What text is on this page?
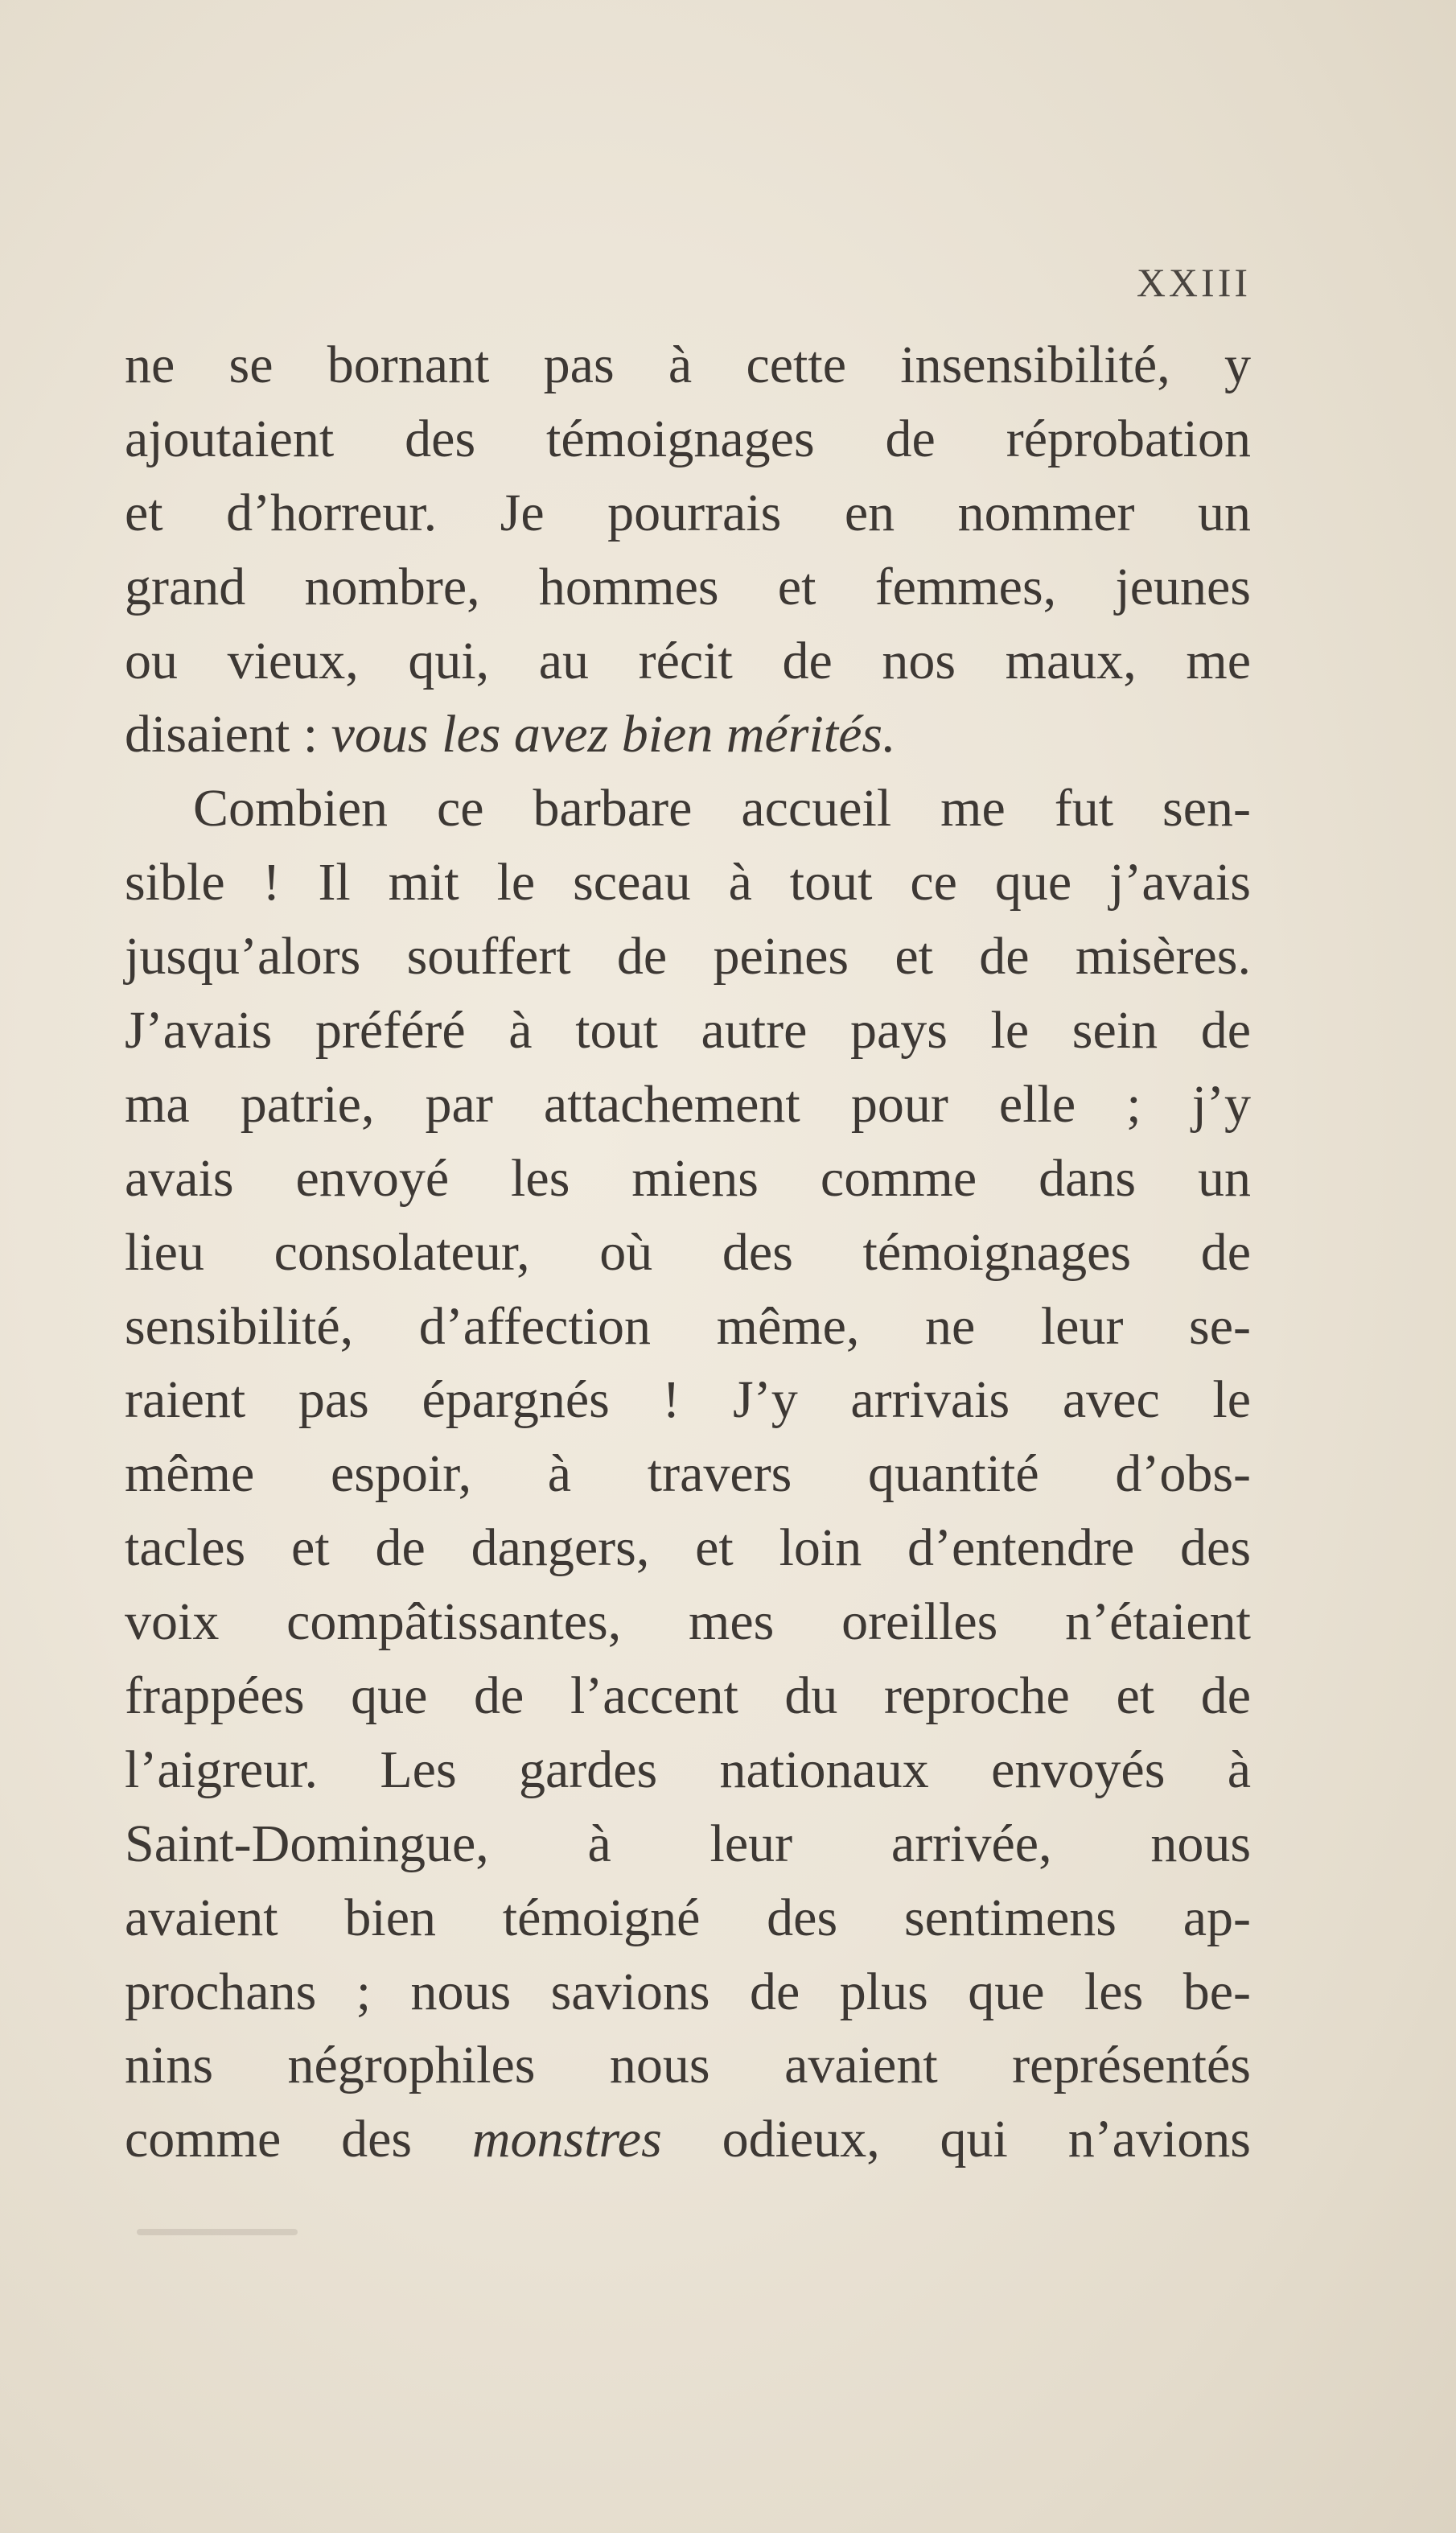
XXIII
ne se bornant pas à cette insensibilité, y
ajoutaient des témoignages de réprobation
et d’horreur. Je pourrais en nommer un
grand nombre, hommes et femmes, jeunes
ou vieux, qui, au récit de nos maux, me
disaient : vous les avez bien mérités.
Combien ce barbare accueil me fut sen-
sible ! Il mit le sceau à tout ce que j’avais
jusqu’alors souffert de peines et de misères.
J’avais préféré à tout autre pays le sein de
ma patrie, par attachement pour elle ; j’y
avais envoyé les miens comme dans un
lieu consolateur, où des témoignages de
sensibilité, d’affection même, ne leur se-
raient pas épargnés ! J’y arrivais avec le
même espoir, à travers quantité d’obs-
tacles et de dangers, et loin d’entendre des
voix compâtissantes, mes oreilles n’étaient
frappées que de l’accent du reproche et de
l’aigreur. Les gardes nationaux envoyés à
Saint-Domingue, à leur arrivée, nous
avaient bien témoigné des sentimens ap-
prochans ; nous savions de plus que les be-
nins négrophiles nous avaient représentés
comme des monstres odieux, qui n’avions
